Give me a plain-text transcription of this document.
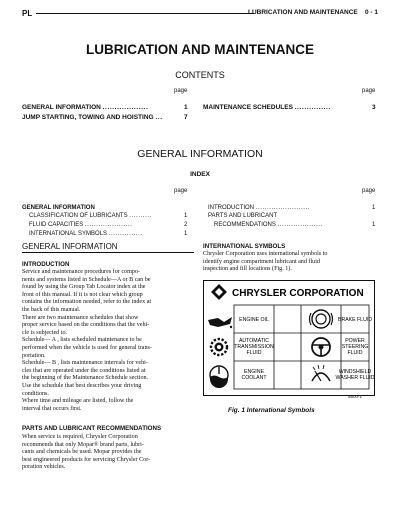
PL	LUBRICATION AND MAINTENANCE    0 - 1
LUBRICATION AND MAINTENANCE
CONTENTS
page	page
GENERAL INFORMATION ...................	1
JUMP STARTING, TOWING AND HOISTING ...	7
MAINTENANCE SCHEDULES ...............	3
GENERAL INFORMATION
INDEX
page	page
GENERAL INFORMATION
CLASSIFICATION OF LUBRICANTS ..........	1
FLUID CAPACITIES .....................	2
INTERNATIONAL SYMBOLS ...............	1
INTRODUCTION ........................	1
PARTS AND LUBRICANT
RECOMMENDATIONS ....................	1
GENERAL INFORMATION
INTRODUCTION
Service and maintenance procedures for compo-
nents and systems listed in Schedule—A or B can be
found by using the Group Tab Locator index at the
front of this manual. If it is not clear which group
contains the information needed, refer to the index at
the back of this manual.
There are two maintenance schedules that show
proper service based on the conditions that the vehi-
cle is subjected to.
Schedule— A , lists scheduled maintenance to be
performed when the vehicle is used for general trans-
portation.
Schedule— B , lists maintenance intervals for vehi-
cles that are operated under the conditions listed at
the beginning of the Maintenance Schedule section.
Use the schedule that best describes your driving
conditions.
Where time and mileage are listed, follow the
interval that occurs first.
PARTS AND LUBRICANT RECOMMENDATIONS
When service is required, Chrysler Corporation
recommends that only Mopar® brand parts, lubri-
cants and chemicals be used. Mopar provides the
best engineered products for servicing Chrysler Cor-
poration vehicles.
INTERNATIONAL SYMBOLS
Chrysler Corporation uses international symbols to
identify engine compartment lubricant and fluid
inspection and fill locations (Fig. 1).
CHRYSLER CORPORATION
ENGINE OIL	BRAKE FLUID
AUTOMATIC
TRANSMISSION
FLUID
POWER
STEERING
FLUID
ENGINE
COOLANT
WINDSHIELD
WASHER FLUID
9500-1
Fig. 1 International Symbols
